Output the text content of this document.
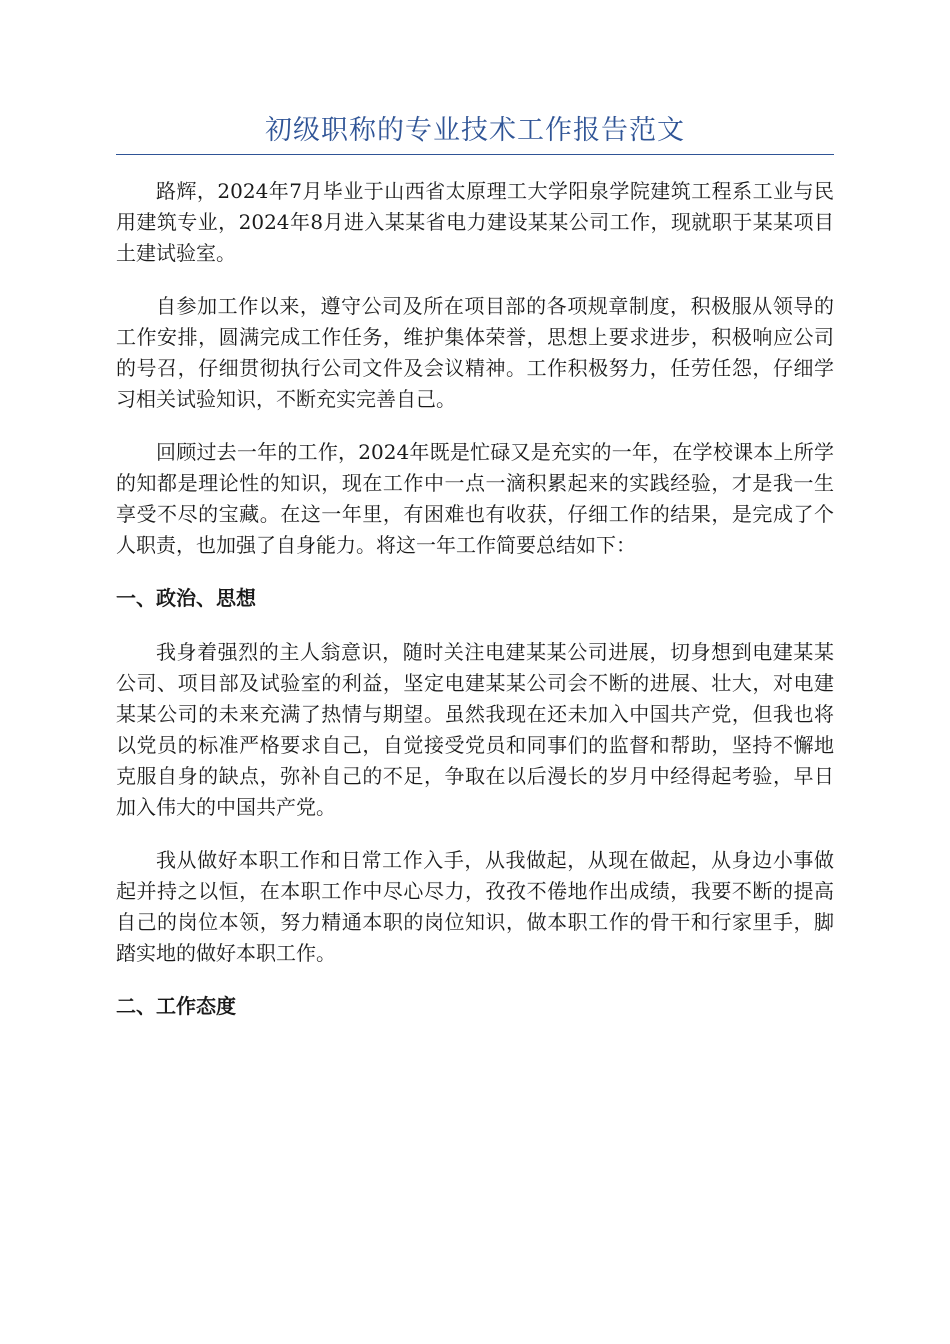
初级职称的专业技术工作报告范文

路辉，2024年7月毕业于山西省太原理工大学阳泉学院建筑工程系工业与民用建筑专业，2024年8月进入某某省电力建设某某公司工作，现就职于某某项目土建试验室。

自参加工作以来，遵守公司及所在项目部的各项规章制度，积极服从领导的工作安排，圆满完成工作任务，维护集体荣誉，思想上要求进步，积极响应公司的号召，仔细贯彻执行公司文件及会议精神。工作积极努力，任劳任怨，仔细学习相关试验知识，不断充实完善自己。

回顾过去一年的工作，2024年既是忙碌又是充实的一年，在学校课本上所学的知都是理论性的知识，现在工作中一点一滴积累起来的实践经验，才是我一生享受不尽的宝藏。在这一年里，有困难也有收获，仔细工作的结果，是完成了个人职责，也加强了自身能力。将这一年工作简要总结如下：

一、政治、思想

我身着强烈的主人翁意识，随时关注电建某某公司进展，切身想到电建某某公司、项目部及试验室的利益，坚定电建某某公司会不断的进展、壮大，对电建某某公司的未来充满了热情与期望。虽然我现在还未加入中国共产党，但我也将以党员的标准严格要求自己，自觉接受党员和同事们的监督和帮助，坚持不懈地克服自身的缺点，弥补自己的不足，争取在以后漫长的岁月中经得起考验，早日加入伟大的中国共产党。

我从做好本职工作和日常工作入手，从我做起，从现在做起，从身边小事做起并持之以恒，在本职工作中尽心尽力，孜孜不倦地作出成绩，我要不断的提高自己的岗位本领，努力精通本职的岗位知识，做本职工作的骨干和行家里手，脚踏实地的做好本职工作。

二、工作态度
